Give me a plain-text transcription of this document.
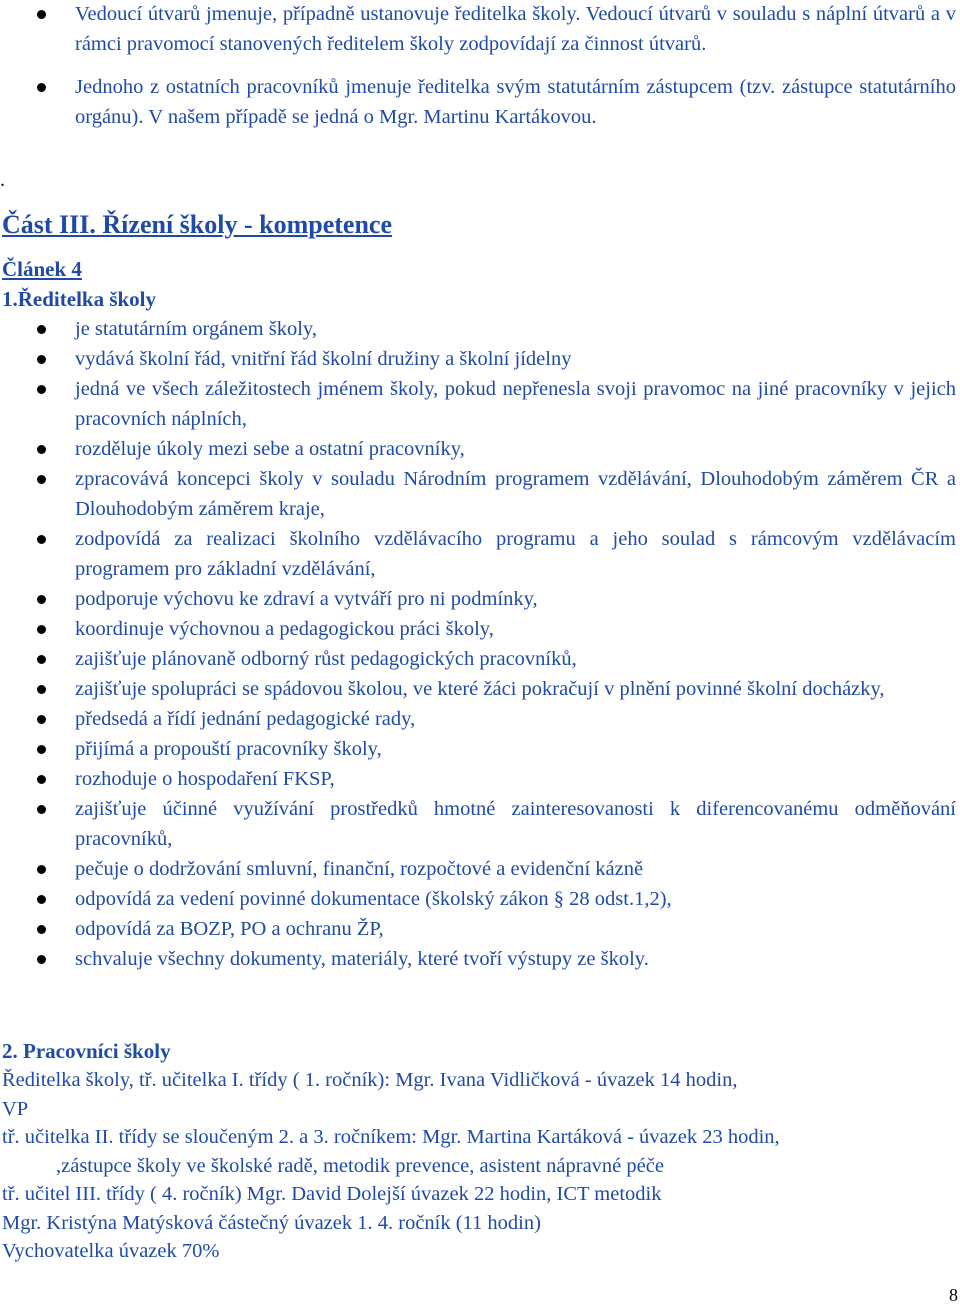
Vedoucí útvarů jmenuje, případně ustanovuje ředitelka školy. Vedoucí útvarů v souladu s náplní útvarů a v rámci pravomocí stanovených ředitelem školy zodpovídají za činnost útvarů.
Jednoho z ostatních pracovníků jmenuje ředitelka svým statutárním zástupcem (tzv. zástupce statutárního orgánu). V našem případě se jedná o Mgr. Martinu Kartákovou.
.
Část III. Řízení školy - kompetence
Článek 4
1.Ředitelka školy
je statutárním orgánem školy,
vydává školní řád, vnitřní řád školní družiny a školní jídelny
jedná ve všech záležitostech jménem školy, pokud nepřenesla svoji pravomoc na jiné pracovníky v jejich pracovních náplních,
rozděluje úkoly mezi sebe a ostatní pracovníky,
zpracovává koncepci školy v souladu Národním programem vzdělávání, Dlouhodobým záměrem ČR a Dlouhodobým záměrem kraje,
zodpovídá za realizaci školního vzdělávacího programu a jeho soulad s rámcovým vzdělávacím programem pro základní vzdělávání,
podporuje výchovu ke zdraví a vytváří pro ni podmínky,
koordinuje výchovnou a pedagogickou práci školy,
zajišťuje plánovaně odborný růst pedagogických pracovníků,
zajišťuje spolupráci se spádovou školou, ve které žáci pokračují v plnění povinné školní docházky,
předsedá a řídí jednání pedagogické rady,
přijímá a propouští pracovníky školy,
rozhoduje o hospodaření FKSP,
zajišťuje účinné využívání prostředků hmotné zainteresovanosti k diferencovanému odměňování pracovníků,
pečuje o dodržování smluvní, finanční, rozpočtové a evidenční kázně
odpovídá za vedení povinné dokumentace (školský zákon § 28 odst.1,2),
odpovídá za BOZP, PO a ochranu ŽP,
schvaluje všechny dokumenty, materiály, které tvoří výstupy ze školy.
2. Pracovníci školy

Ředitelka školy, tř. učitelka I. třídy ( 1. ročník): Mgr. Ivana Vidličková - úvazek 14 hodin,

VP

tř. učitelka II. třídy se sloučeným 2. a 3. ročníkem: Mgr. Martina Kartáková - úvazek 23 hodin,

,zástupce školy ve školské radě, metodik prevence, asistent nápravné péče

tř. učitel III. třídy ( 4. ročník) Mgr. David Dolejší úvazek 22 hodin, ICT metodik

Mgr. Kristýna Matýsková částečný úvazek 1. 4. ročník (11 hodin)

Vychovatelka úvazek 70%

8
